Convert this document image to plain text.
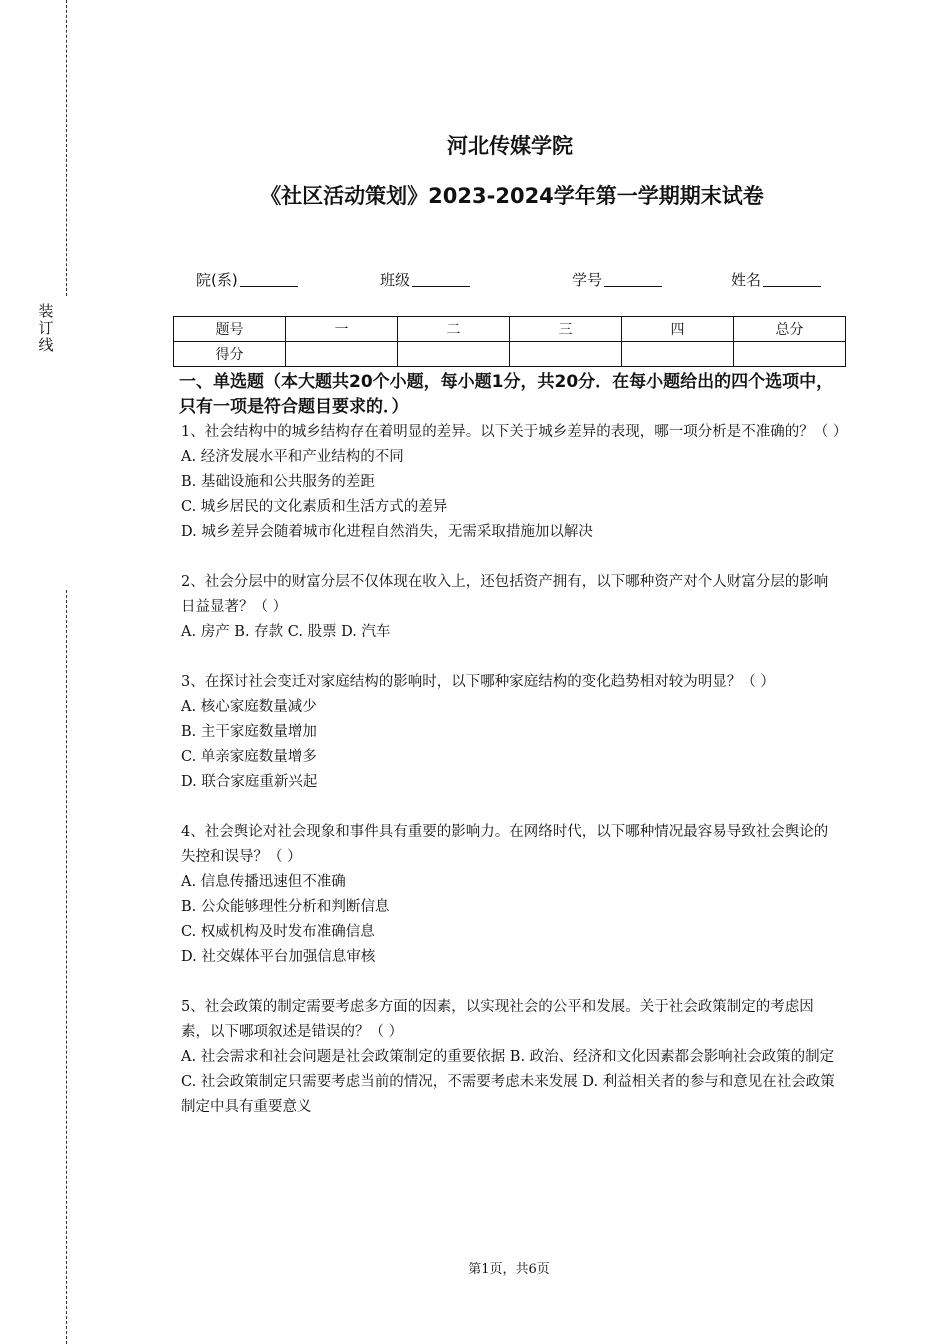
装
订
线
河北传媒学院
《社区活动策划》2023-2024学年第一学期期末试卷
院(系)	班级	学号	姓名
题号	一	二	三	四	总分
得分					

一、单选题（本大题共20个小题，每小题1分，共20分．在每小题给出的四个选项中，只有一项是符合题目要求的．）

1、社会结构中的城乡结构存在着明显的差异。以下关于城乡差异的表现，哪一项分析是不准确的？（ ）

A. 经济发展水平和产业结构的不同

B. 基础设施和公共服务的差距

C. 城乡居民的文化素质和生活方式的差异

D. 城乡差异会随着城市化进程自然消失，无需采取措施加以解决

2、社会分层中的财富分层不仅体现在收入上，还包括资产拥有，以下哪种资产对个人财富分层的影响日益显著？（ ）

A. 房产 B. 存款 C. 股票 D. 汽车

3、在探讨社会变迁对家庭结构的影响时，以下哪种家庭结构的变化趋势相对较为明显？（ ）

A. 核心家庭数量减少

B. 主干家庭数量增加

C. 单亲家庭数量增多

D. 联合家庭重新兴起

4、社会舆论对社会现象和事件具有重要的影响力。在网络时代，以下哪种情况最容易导致社会舆论的失控和误导？（ ）

A. 信息传播迅速但不准确

B. 公众能够理性分析和判断信息

C. 权威机构及时发布准确信息

D. 社交媒体平台加强信息审核

5、社会政策的制定需要考虑多方面的因素，以实现社会的公平和发展。关于社会政策制定的考虑因素，以下哪项叙述是错误的？（ ）

A. 社会需求和社会问题是社会政策制定的重要依据 B. 政治、经济和文化因素都会影响社会政策的制定 C. 社会政策制定只需要考虑当前的情况，不需要考虑未来发展 D. 利益相关者的参与和意见在社会政策制定中具有重要意义

第1页，共6页
